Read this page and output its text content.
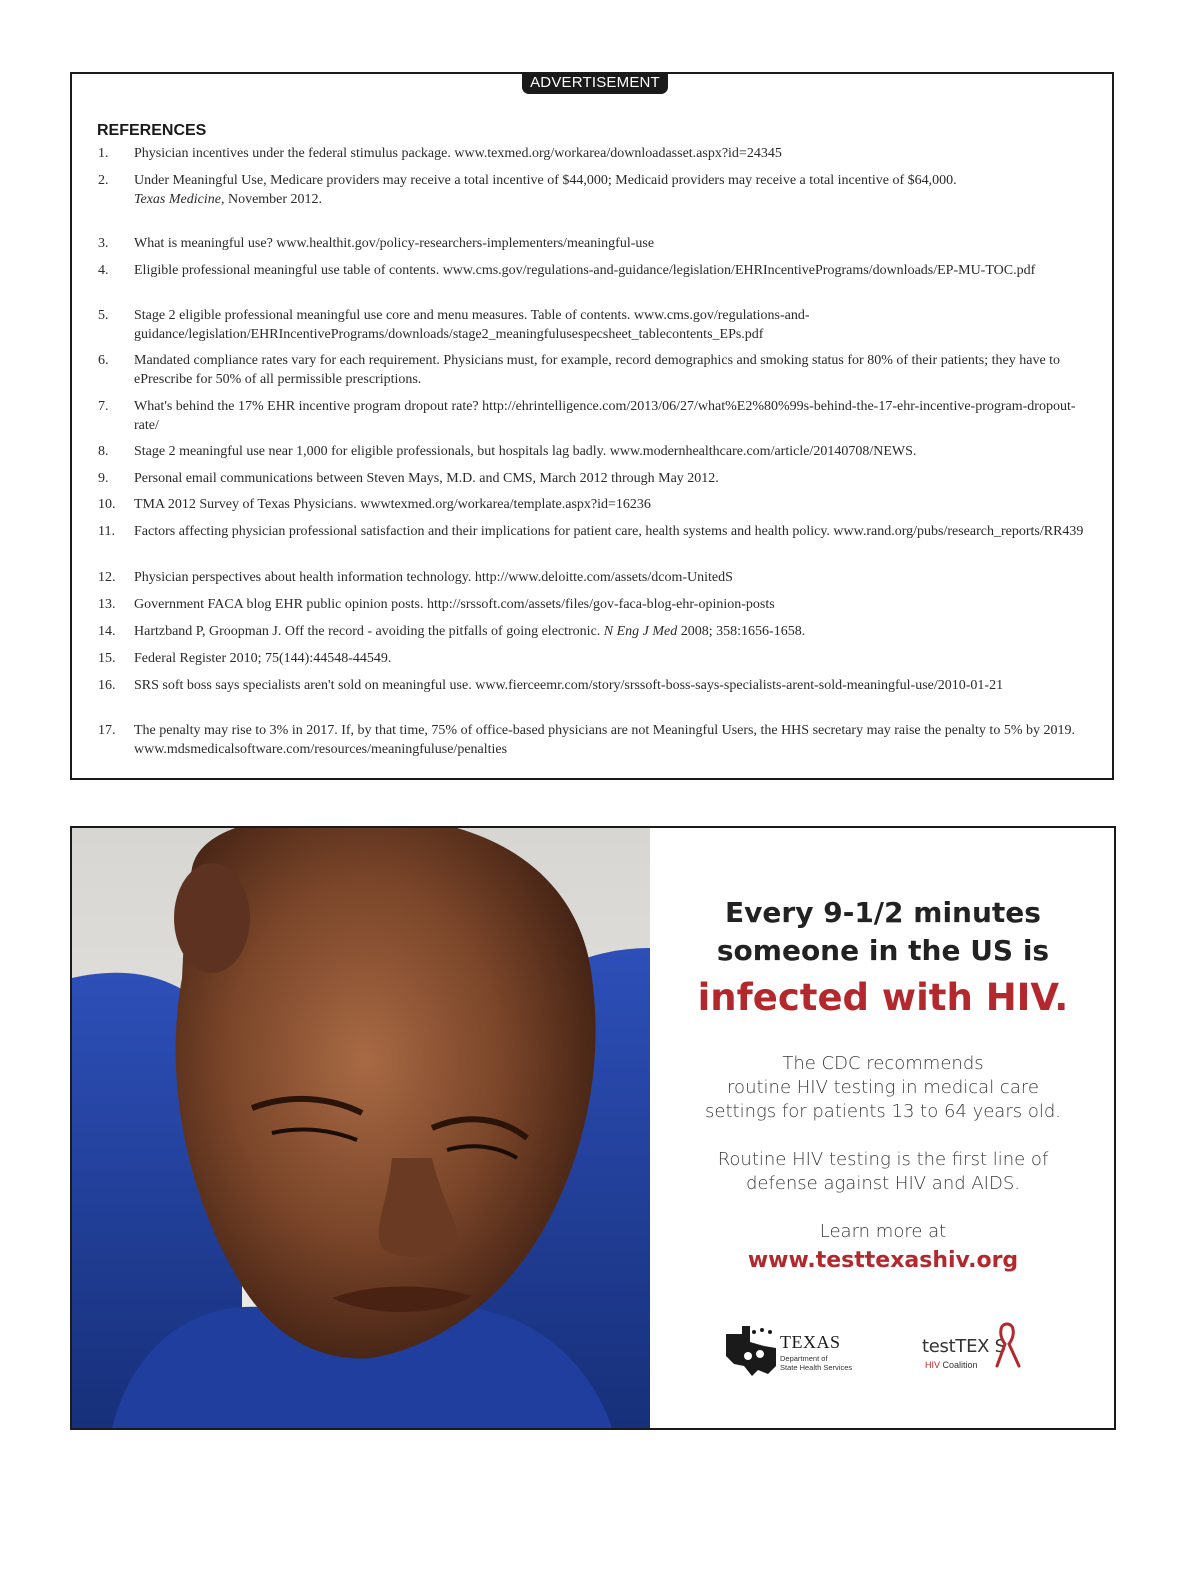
ADVERTISEMENT
REFERENCES
1. Physician incentives under the federal stimulus package. www.texmed.org/workarea/downloadasset.aspx?id=24345
2. Under Meaningful Use, Medicare providers may receive a total incentive of $44,000; Medicaid providers may receive a total incentive of $64,000.
Texas Medicine, November 2012.
3. What is meaningful use? www.healthit.gov/policy-researchers-implementers/meaningful-use
4. Eligible professional meaningful use table of contents. www.cms.gov/regulations-and-guidance/legislation/EHRIncentivePrograms/downloads/EP-MU-TOC.pdf
5. Stage 2 eligible professional meaningful use core and menu measures. Table of contents. www.cms.gov/regulations-and-guidance/legislation/EHRIncentivePrograms/downloads/stage2_meaningfulusespecsheet_tablecontents_EPs.pdf
6. Mandated compliance rates vary for each requirement. Physicians must, for example, record demographics and smoking status for 80% of their patients; they have to ePrescribe for 50% of all permissible prescriptions.
7. What's behind the 17% EHR incentive program dropout rate? http://ehrintelligence.com/2013/06/27/what%E2%80%99s-behind-the-17-ehr-incentive-program-dropout-rate/
8. Stage 2 meaningful use near 1,000 for eligible professionals, but hospitals lag badly. www.modernhealthcare.com/article/20140708/NEWS.
9. Personal email communications between Steven Mays, M.D. and CMS, March 2012 through May 2012.
10. TMA 2012 Survey of Texas Physicians. wwwtexmed.org/workarea/template.aspx?id=16236
11. Factors affecting physician professional satisfaction and their implications for patient care, health systems and health policy. www.rand.org/pubs/research_reports/RR439
12. Physician perspectives about health information technology. http://www.deloitte.com/assets/dcom-UnitedS
13. Government FACA blog EHR public opinion posts. http://srssoft.com/assets/files/gov-faca-blog-ehr-opinion-posts
14. Hartzband P, Groopman J. Off the record - avoiding the pitfalls of going electronic. N Eng J Med 2008; 358:1656-1658.
15. Federal Register 2010; 75(144):44548-44549.
16. SRS soft boss says specialists aren't sold on meaningful use. www.fierceemr.com/story/srssoft-boss-says-specialists-arent-sold-meaningful-use/2010-01-21
17. The penalty may rise to 3% in 2017. If, by that time, 75% of office-based physicians are not Meaningful Users, the HHS secretary may raise the penalty to 5% by 2019. www.mdsmedicalsoftware.com/resources/meaningfuluse/penalties
Every 9-1/2 minutes
someone in the US is
infected with HIV.
The CDC recommends
routine HIV testing in medical care
settings for patients 13 to 64 years old.
Routine HIV testing is the first line of
defense against HIV and AIDS.
Learn more at
www.testtexashiv.org
TEXAS
Department of
State Health Services
testTEX S
HIV Coalition
